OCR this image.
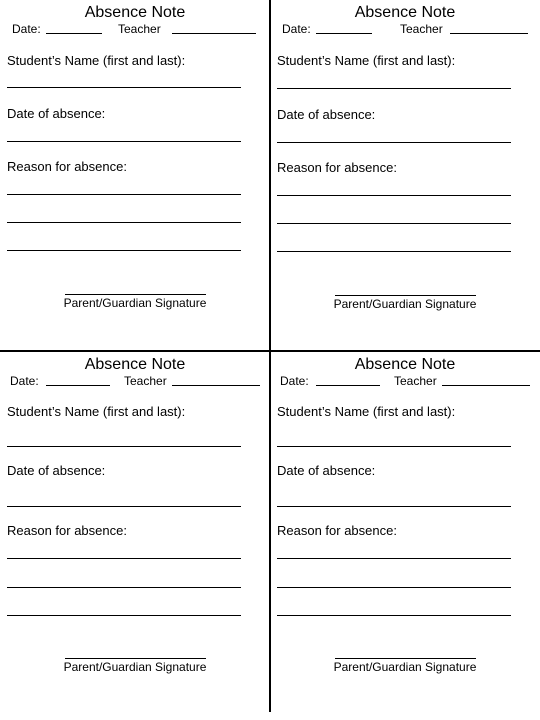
Absence Note
Date:	Teacher
Student’s Name (first and last):
Date of absence:
Reason for absence:
Parent/Guardian Signature
Absence Note
Date:	Teacher
Student’s Name (first and last):
Date of absence:
Reason for absence:
Parent/Guardian Signature
Absence Note
Date:	Teacher
Student’s Name (first and last):
Date of absence:
Reason for absence:
Parent/Guardian Signature
Absence Note
Date:	Teacher
Student’s Name (first and last):
Date of absence:
Reason for absence:
Parent/Guardian Signature
